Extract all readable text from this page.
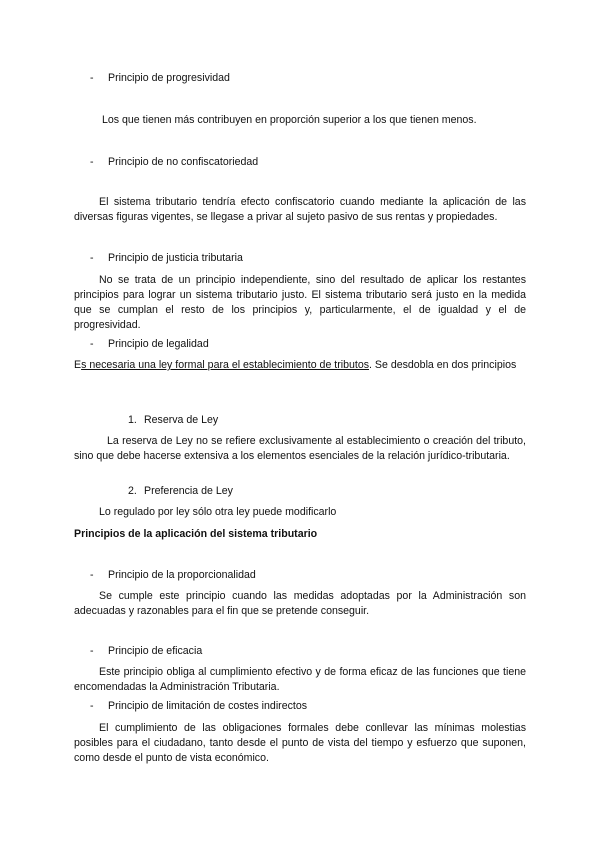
- Principio de progresividad
Los que tienen más contribuyen en proporción superior a los que tienen menos.
- Principio de no confiscatoriedad

El sistema tributario tendría efecto confiscatorio cuando mediante la aplicación de las diversas figuras vigentes, se llegase a privar al sujeto pasivo de sus rentas y propiedades.

- Principio de justicia tributaria

No se trata de un principio independiente, sino del resultado de aplicar los restantes principios para lograr un sistema tributario justo. El sistema tributario será justo en la medida que se cumplan el resto de los principios y, particularmente, el de igualdad y el de progresividad.

- Principio de legalidad

Es necesaria una ley formal para el establecimiento de tributos. Se desdobla en dos principios

1. Reserva de Ley

La reserva de Ley no se refiere exclusivamente al establecimiento o creación del tributo, sino que debe hacerse extensiva a los elementos esenciales de la relación jurídico-tributaria.

2. Preferencia de Ley
Lo regulado por ley sólo otra ley puede modificarlo
Principios de la aplicación del sistema tributario
- Principio de la proporcionalidad

Se cumple este principio cuando las medidas adoptadas por la Administración son adecuadas y razonables para el fin que se pretende conseguir.

- Principio de eficacia

Este principio obliga al cumplimiento efectivo y de forma eficaz de las funciones que tiene encomendadas la Administración Tributaria.

- Principio de limitación de costes indirectos

El cumplimiento de las obligaciones formales debe conllevar las mínimas molestias posibles para el ciudadano, tanto desde el punto de vista del tiempo y esfuerzo que suponen, como desde el punto de vista económico.
